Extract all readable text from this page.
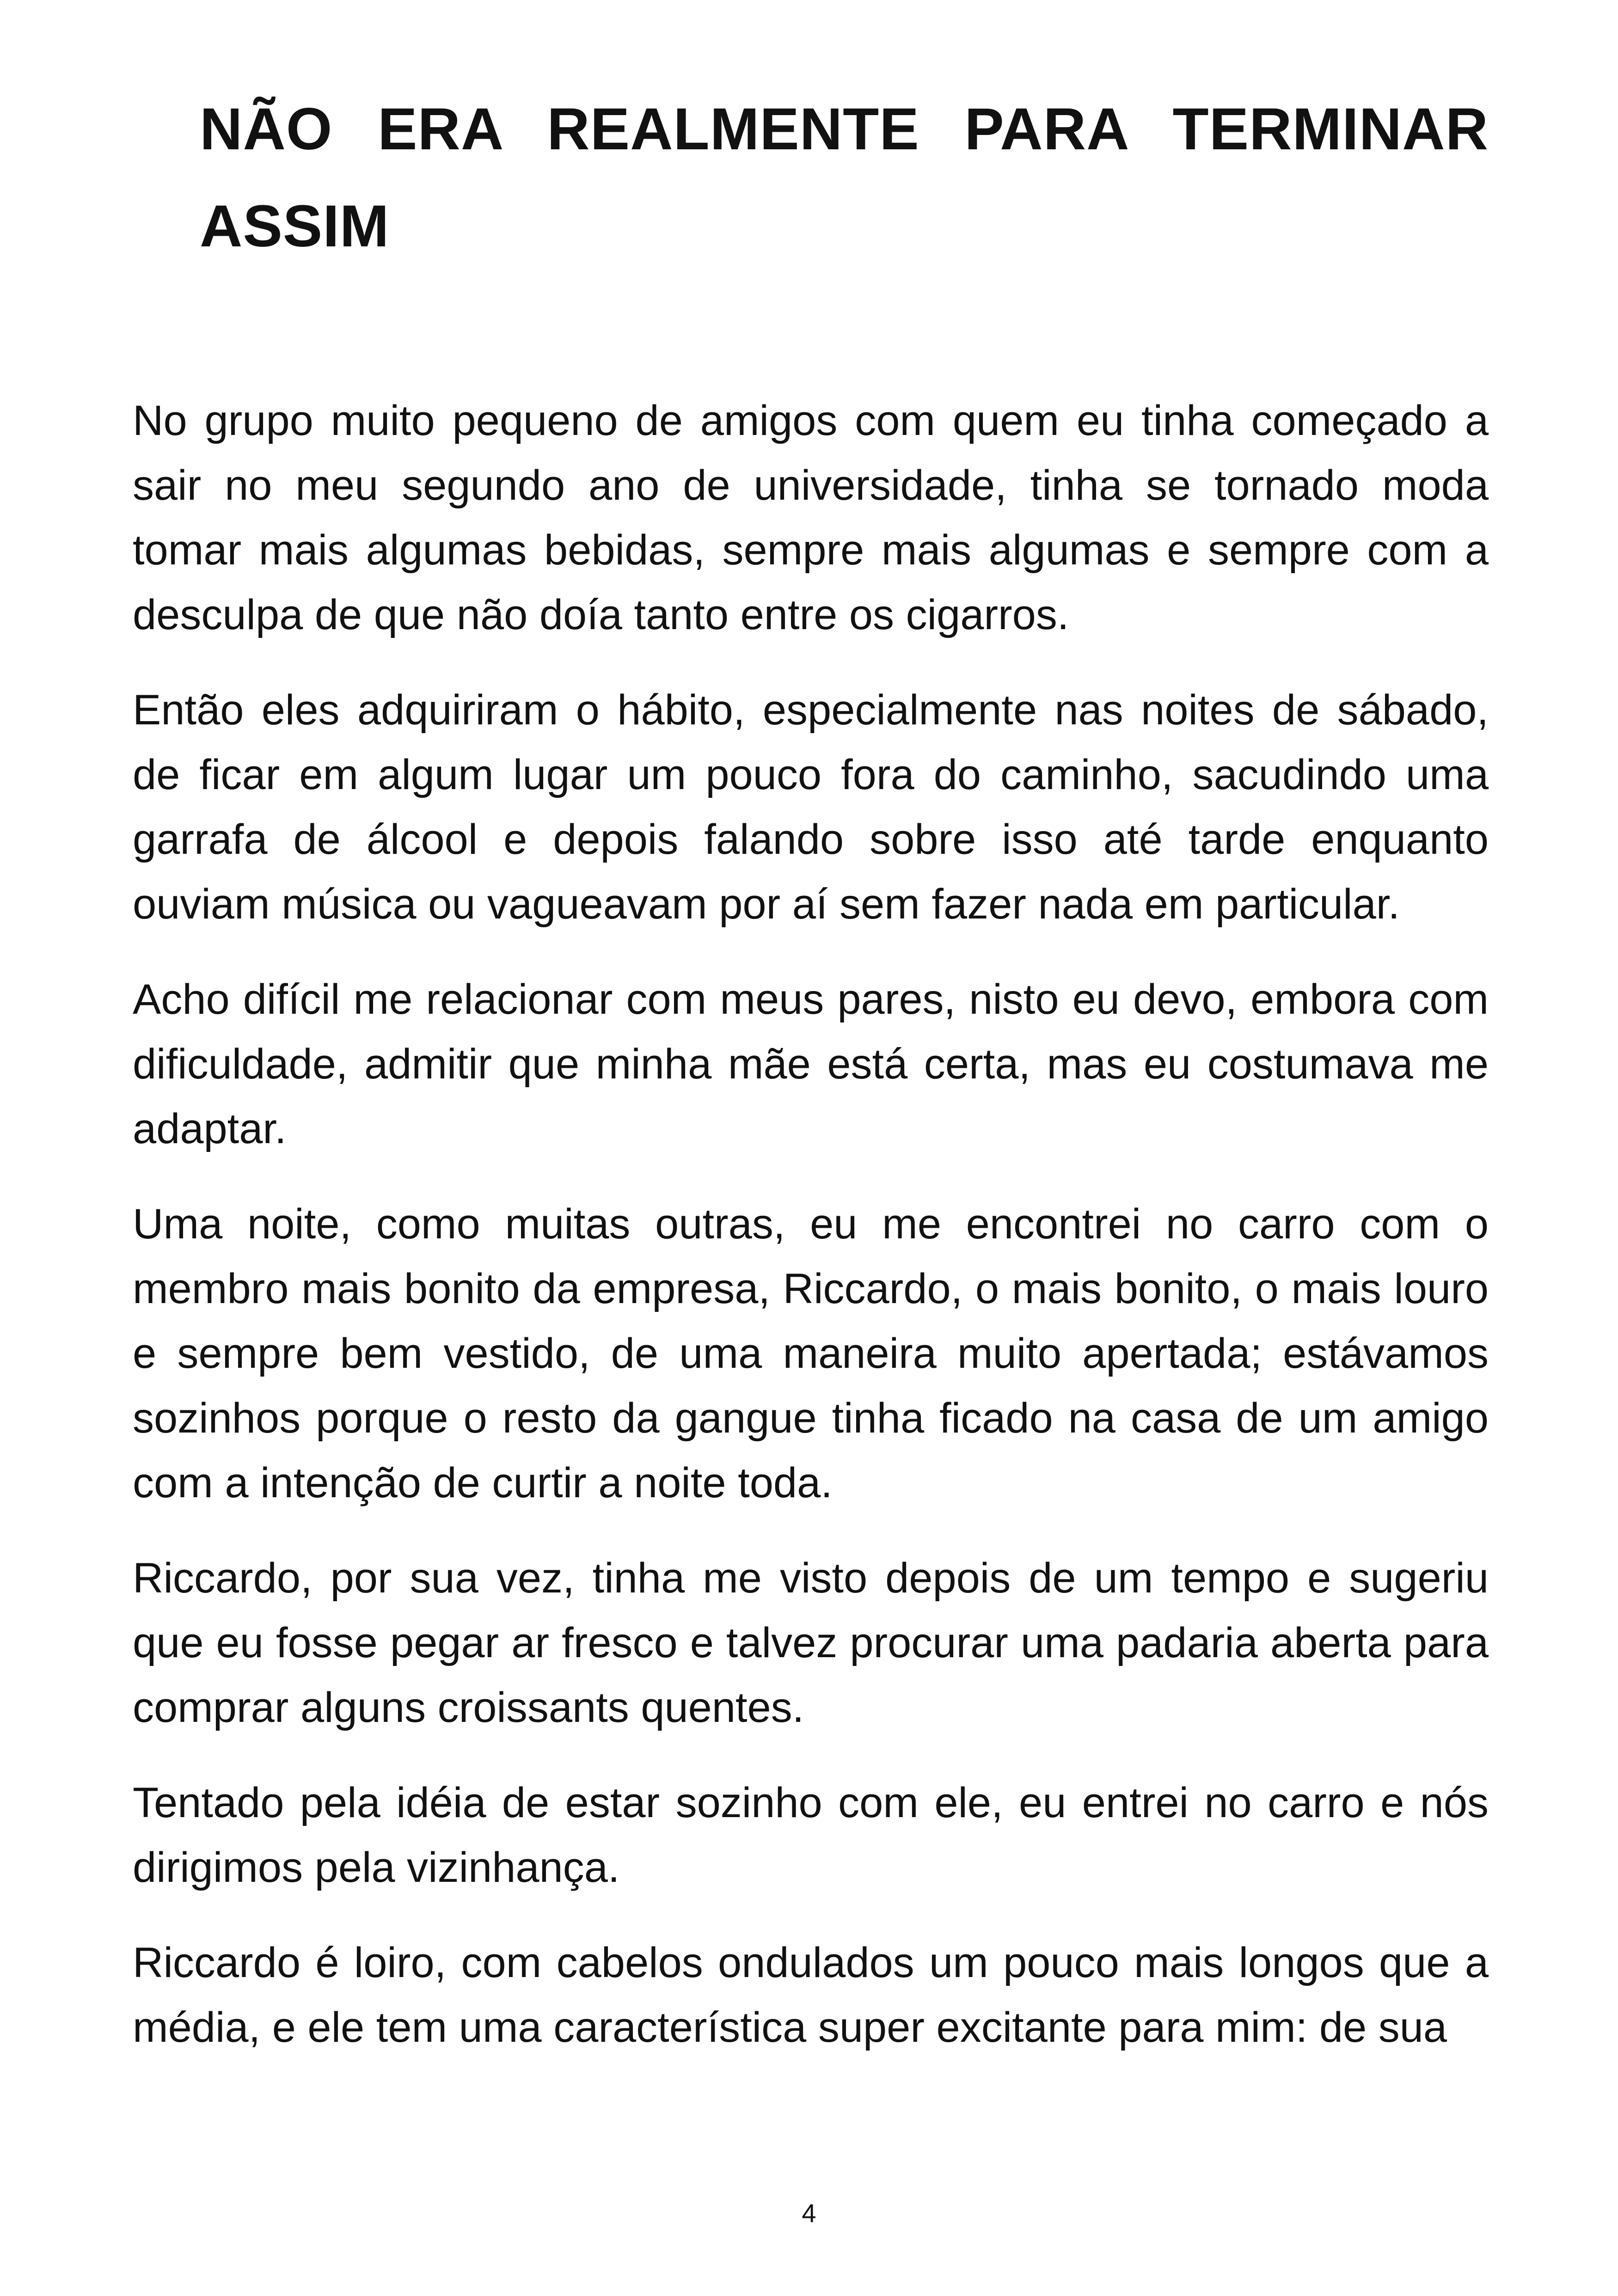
NÃO ERA REALMENTE PARA TERMINAR ASSIM

No grupo muito pequeno de amigos com quem eu tinha começado a sair no meu segundo ano de universidade, tinha se tornado moda tomar mais algumas bebidas, sempre mais algumas e sempre com a desculpa de que não doía tanto entre os cigarros.

Então eles adquiriram o hábito, especialmente nas noites de sábado, de ficar em algum lugar um pouco fora do caminho, sacudindo uma garrafa de álcool e depois falando sobre isso até tarde enquanto ouviam música ou vagueavam por aí sem fazer nada em particular.

Acho difícil me relacionar com meus pares, nisto eu devo, embora com dificuldade, admitir que minha mãe está certa, mas eu costumava me adaptar.

Uma noite, como muitas outras, eu me encontrei no carro com o membro mais bonito da empresa, Riccardo, o mais bonito, o mais louro e sempre bem vestido, de uma maneira muito apertada; estávamos sozinhos porque o resto da gangue tinha ficado na casa de um amigo com a intenção de curtir a noite toda.

Riccardo, por sua vez, tinha me visto depois de um tempo e sugeriu que eu fosse pegar ar fresco e talvez procurar uma padaria aberta para comprar alguns croissants quentes.

Tentado pela idéia de estar sozinho com ele, eu entrei no carro e nós dirigimos pela vizinhança.

Riccardo é loiro, com cabelos ondulados um pouco mais longos que a média, e ele tem uma característica super excitante para mim: de sua

4
